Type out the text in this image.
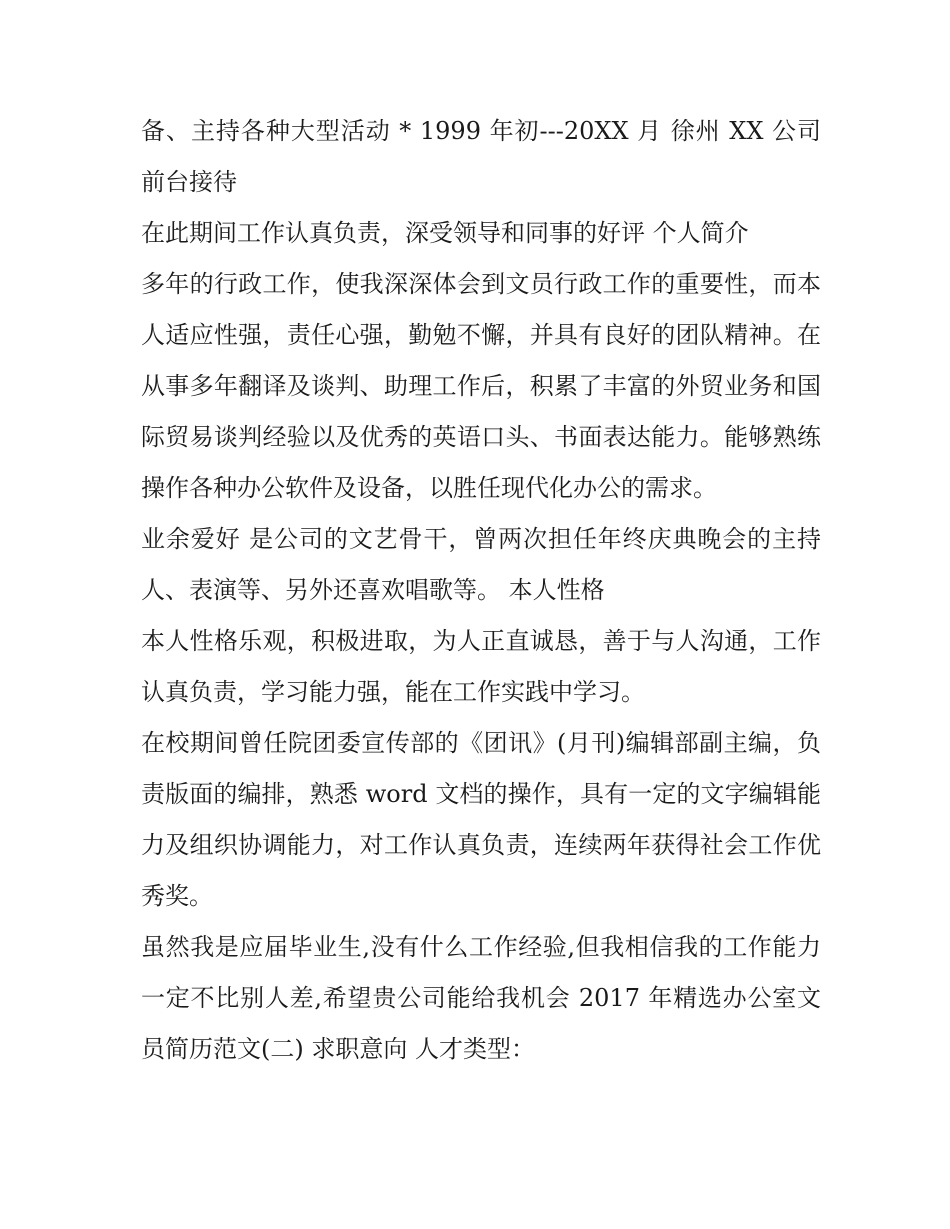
备、主持各种大型活动 * 1999 年初---20XX 月 徐州 XX 公司 前台接待

在此期间工作认真负责，深受领导和同事的好评 个人简介

多年的行政工作，使我深深体会到文员行政工作的重要性，而本人适应性强，责任心强，勤勉不懈，并具有良好的团队精神。在从事多年翻译及谈判、助理工作后，积累了丰富的外贸业务和国际贸易谈判经验以及优秀的英语口头、书面表达能力。能够熟练操作各种办公软件及设备，以胜任现代化办公的需求。

业余爱好 是公司的文艺骨干，曾两次担任年终庆典晚会的主持人、表演等、另外还喜欢唱歌等。 本人性格

本人性格乐观，积极进取，为人正直诚恳，善于与人沟通，工作认真负责，学习能力强，能在工作实践中学习。

在校期间曾任院团委宣传部的《团讯》(月刊)编辑部副主编，负责版面的编排，熟悉 word 文档的操作，具有一定的文字编辑能力及组织协调能力，对工作认真负责，连续两年获得社会工作优秀奖。

虽然我是应届毕业生,没有什么工作经验,但我相信我的工作能力一定不比别人差,希望贵公司能给我机会 2017 年精选办公室文员简历范文(二) 求职意向 人才类型：
